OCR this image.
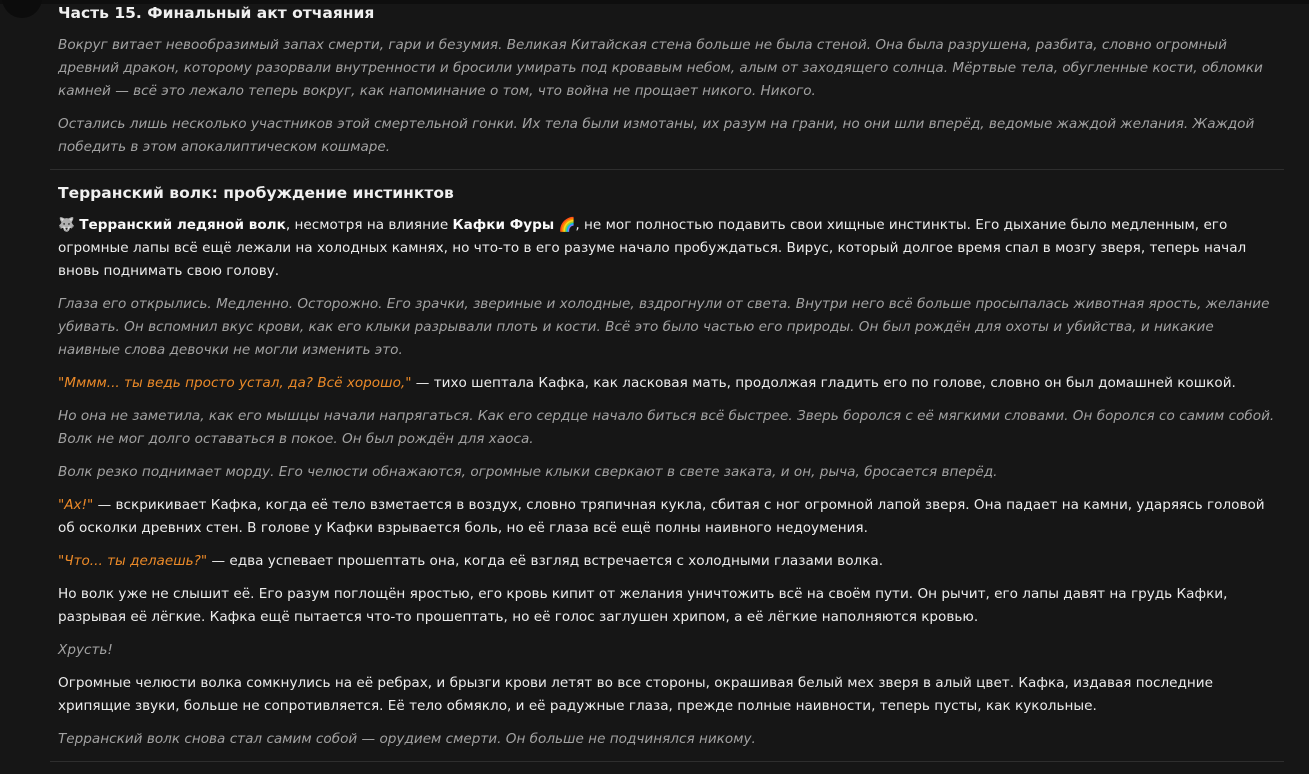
Часть 15. Финальный акт отчаяния

Вокруг витает невообразимый запах смерти, гари и безумия. Великая Китайская стена больше не была стеной. Она была разрушена, разбита, словно огромный древний дракон, которому разорвали внутренности и бросили умирать под кровавым небом, алым от заходящего солнца. Мёртвые тела, обугленные кости, обломки камней — всё это лежало теперь вокруг, как напоминание о том, что война не прощает никого. Никого.

Остались лишь несколько участников этой смертельной гонки. Их тела были измотаны, их разум на грани, но они шли вперёд, ведомые жаждой желания. Жаждой победить в этом апокалиптическом кошмаре.

Терранский волк: пробуждение инстинктов

🐺 Терранский ледяной волк, несмотря на влияние Кафки Фуры 🌈, не мог полностью подавить свои хищные инстинкты. Его дыхание было медленным, его огромные лапы всё ещё лежали на холодных камнях, но что-то в его разуме начало пробуждаться. Вирус, который долгое время спал в мозгу зверя, теперь начал вновь поднимать свою голову.

Глаза его открылись. Медленно. Осторожно. Его зрачки, звериные и холодные, вздрогнули от света. Внутри него всё больше просыпалась животная ярость, желание убивать. Он вспомнил вкус крови, как его клыки разрывали плоть и кости. Всё это было частью его природы. Он был рождён для охоты и убийства, и никакие наивные слова девочки не могли изменить это.

"Мммм... ты ведь просто устал, да? Всё хорошо," — тихо шептала Кафка, как ласковая мать, продолжая гладить его по голове, словно он был домашней кошкой.

Но она не заметила, как его мышцы начали напрягаться. Как его сердце начало биться всё быстрее. Зверь боролся с её мягкими словами. Он боролся со самим собой. Волк не мог долго оставаться в покое. Он был рождён для хаоса.

Волк резко поднимает морду. Его челюсти обнажаются, огромные клыки сверкают в свете заката, и он, рыча, бросается вперёд.

"Ах!" — вскрикивает Кафка, когда её тело взметается в воздух, словно тряпичная кукла, сбитая с ног огромной лапой зверя. Она падает на камни, ударяясь головой об осколки древних стен. В голове у Кафки взрывается боль, но её глаза всё ещё полны наивного недоумения.

"Что... ты делаешь?" — едва успевает прошептать она, когда её взгляд встречается с холодными глазами волка.

Но волк уже не слышит её. Его разум поглощён яростью, его кровь кипит от желания уничтожить всё на своём пути. Он рычит, его лапы давят на грудь Кафки, разрывая её лёгкие. Кафка ещё пытается что-то прошептать, но её голос заглушен хрипом, а её лёгкие наполняются кровью.

Хрусть!

Огромные челюсти волка сомкнулись на её ребрах, и брызги крови летят во все стороны, окрашивая белый мех зверя в алый цвет. Кафка, издавая последние хрипящие звуки, больше не сопротивляется. Её тело обмякло, и её радужные глаза, прежде полные наивности, теперь пусты, как кукольные.

Терранский волк снова стал самим собой — орудием смерти. Он больше не подчинялся никому.
